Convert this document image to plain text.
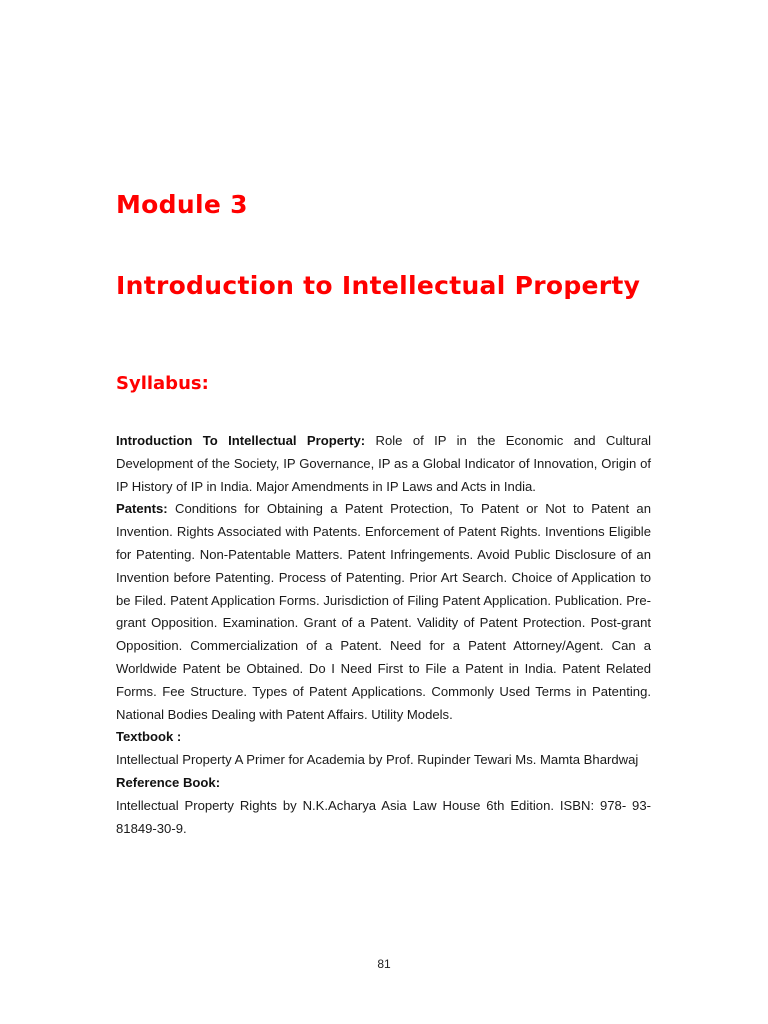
Module 3
Introduction to Intellectual Property
Syllabus:

Introduction To Intellectual Property: Role of IP in the Economic and Cultural Development of the Society, IP Governance, IP as a Global Indicator of Innovation, Origin of IP History of IP in India. Major Amendments in IP Laws and Acts in India.

Patents: Conditions for Obtaining a Patent Protection, To Patent or Not to Patent an Invention. Rights Associated with Patents. Enforcement of Patent Rights. Inventions Eligible for Patenting. Non-Patentable Matters. Patent Infringements. Avoid Public Disclosure of an Invention before Patenting. Process of Patenting. Prior Art Search. Choice of Application to be Filed. Patent Application Forms. Jurisdiction of Filing Patent Application. Publication. Pre-grant Opposition. Examination. Grant of a Patent. Validity of Patent Protection. Post-grant Opposition. Commercialization of a Patent. Need for a Patent Attorney/Agent. Can a Worldwide Patent be Obtained. Do I Need First to File a Patent in India. Patent Related Forms. Fee Structure. Types of Patent Applications. Commonly Used Terms in Patenting. National Bodies Dealing with Patent Affairs. Utility Models.

Textbook :

Intellectual Property A Primer for Academia by Prof. Rupinder Tewari Ms. Mamta Bhardwaj

Reference Book:

Intellectual Property Rights by N.K.Acharya Asia Law House 6th Edition. ISBN: 978- 93-81849-30-9.

81
